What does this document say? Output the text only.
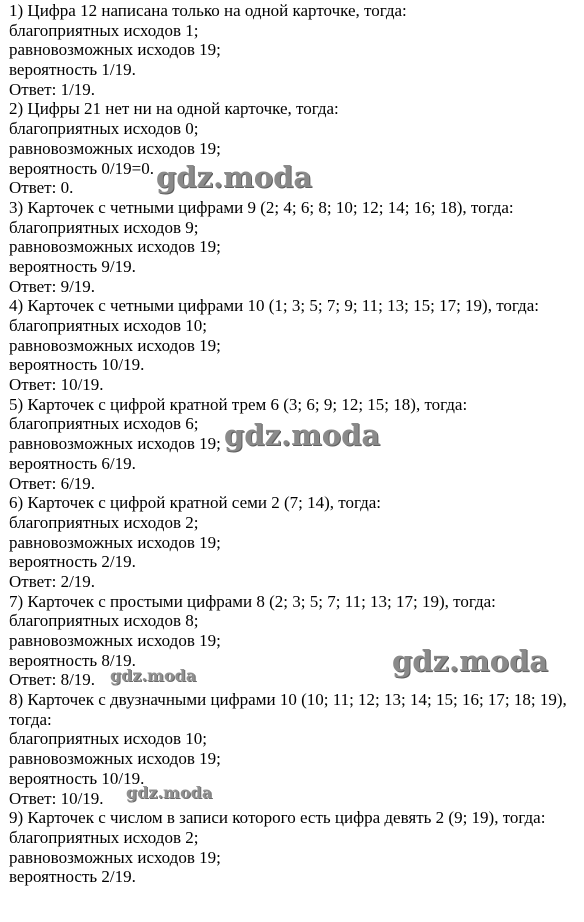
1) Цифра 12 написана только на одной карточке, тогда:
благоприятных исходов 1;
равновозможных исходов 19;
вероятность 1/19.
Ответ: 1/19.
2) Цифры 21 нет ни на одной карточке, тогда:
благоприятных исходов 0;
равновозможных исходов 19;
вероятность 0/19=0.
Ответ: 0.
3) Карточек с четными цифрами 9 (2; 4; 6; 8; 10; 12; 14; 16; 18), тогда:
благоприятных исходов 9;
равновозможных исходов 19;
вероятность 9/19.
Ответ: 9/19.
4) Карточек с четными цифрами 10 (1; 3; 5; 7; 9; 11; 13; 15; 17; 19), тогда:
благоприятных исходов 10;
равновозможных исходов 19;
вероятность 10/19.
Ответ: 10/19.
5) Карточек с цифрой кратной трем 6 (3; 6; 9; 12; 15; 18), тогда:
благоприятных исходов 6;
равновозможных исходов 19;
вероятность 6/19.
Ответ: 6/19.
6) Карточек с цифрой кратной семи 2 (7; 14), тогда:
благоприятных исходов 2;
равновозможных исходов 19;
вероятность 2/19.
Ответ: 2/19.
7) Карточек с простыми цифрами 8 (2; 3; 5; 7; 11; 13; 17; 19), тогда:
благоприятных исходов 8;
равновозможных исходов 19;
вероятность 8/19.
Ответ: 8/19.
8) Карточек с двузначными цифрами 10 (10; 11; 12; 13; 14; 15; 16; 17; 18; 19),
тогда:
благоприятных исходов 10;
равновозможных исходов 19;
вероятность 10/19.
Ответ: 10/19.
9) Карточек с числом в записи которого есть цифра девять 2 (9; 19), тогда:
благоприятных исходов 2;
равновозможных исходов 19;
вероятность 2/19.
gdz.moda
gdz.moda
gdz.moda
gdz.moda
gdz.moda
